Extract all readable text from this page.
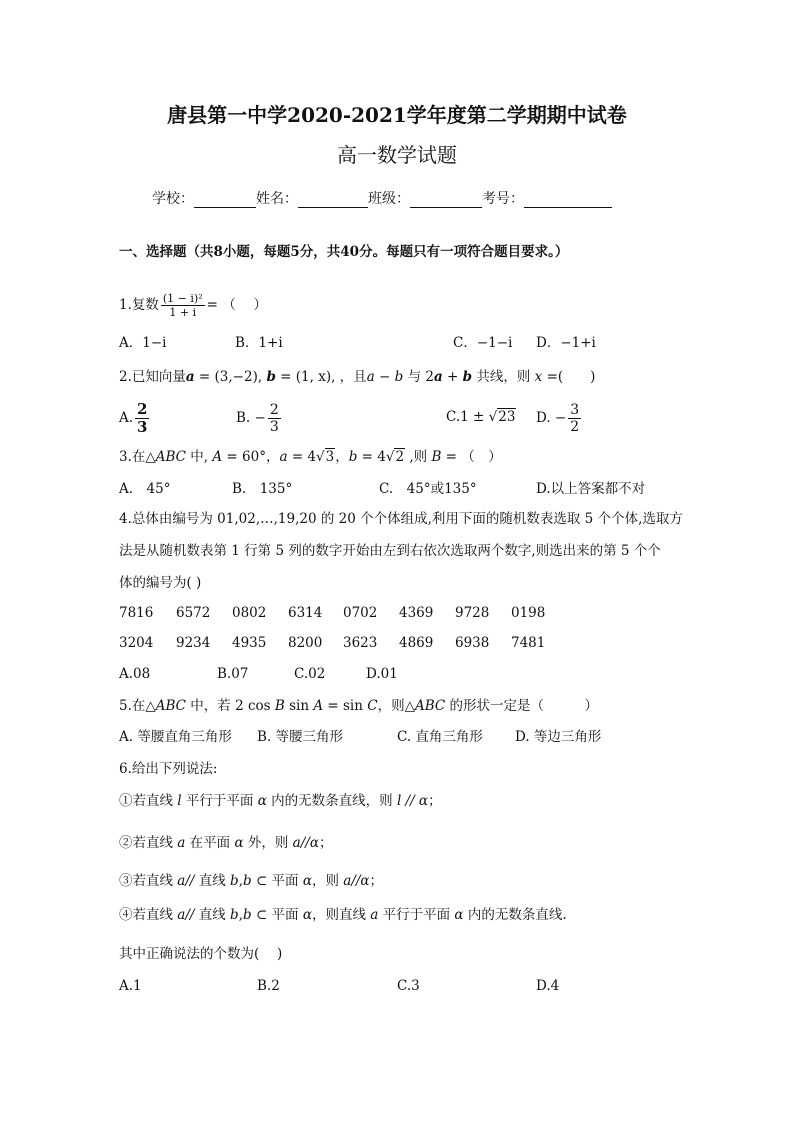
唐县第一中学2020-2021学年度第二学期期中试卷
高一数学试题
学校：	姓名：	班级：	考号：
一、选择题（共8小题，每题5分，共40分。每题只有一项符合题目要求。）
1.复数 $\frac{\text{(1 − i)²}}{1 + i}$ = （　 ）
A．1−i	B．1+i	C．−1−i D．−1+i
2.已知向量a = (3,−2), b = (1, x), ，且a − b 与 2a + b 共线，则 x =(　　)
A. $\frac{2}{3}$	B. − $\frac{2}{3}$	C.1 ± √23 D. − $\frac{3}{2}$
3.在△ABC 中, A = 60°，a = 4√3，b = 4√2 ,则 B = （　）
A.　45°	B.　135°	C.　45°或135°	D.以上答案都不对
4.总体由编号为 01,02,…,19,20 的 20 个个体组成,利用下面的随机数表选取 5 个个体,选取方
法是从随机数表第 1 行第 5 列的数字开始由左到右依次选取两个数字,则选出来的第 5 个个
体的编号为( )
7816 6572 0802 6314 0702 4369 9728 0198
3204 9234 4935 8200 3623 4869 6938 7481
A.08	B.07	C.02	D.01
5.在△ABC 中，若 2 cos B sin A = sin C，则△ABC 的形状一定是（　　　）
A. 等腰直角三角形 B. 等腰三角形	C. 直角三角形 D. 等边三角形
6.给出下列说法:
①若直线 l 平行于平面 α 内的无数条直线，则 l // α；
②若直线 a 在平面 α 外，则 a//α；
③若直线 a// 直线 b,b ⊂ 平面 α，则 a//α；
④若直线 a// 直线 b,b ⊂ 平面 α，则直线 a 平行于平面 α 内的无数条直线.
其中正确说法的个数为(　 )
A.1	B.2	C.3	D.4
